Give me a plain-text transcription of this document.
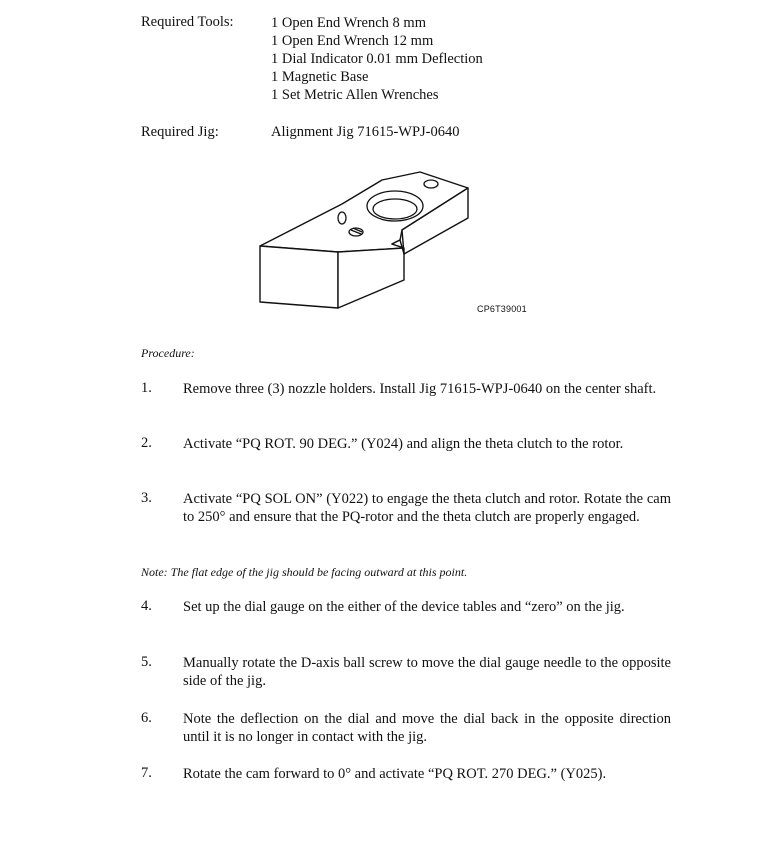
Required Tools:	1 Open End Wrench 8 mm
1 Open End Wrench 12 mm
1 Dial Indicator 0.01 mm Deflection
1 Magnetic Base
1 Set Metric Allen Wrenches
Required Jig:	Alignment Jig 71615-WPJ-0640
CP6T39001
Procedure:
1. Remove three (3) nozzle holders. Install Jig 71615-WPJ-0640 on the center shaft.
2. Activate “PQ ROT. 90 DEG.” (Y024) and align the theta clutch to the rotor.
3. Activate “PQ SOL ON” (Y022) to engage the theta clutch and rotor. Rotate the cam to 250° and ensure that the PQ-rotor and the theta clutch are properly engaged.
Note: The flat edge of the jig should be facing outward at this point.
4. Set up the dial gauge on the either of the device tables and “zero” on the jig.
5. Manually rotate the D-axis ball screw to move the dial gauge needle to the opposite side of the jig.
6. Note the deflection on the dial and move the dial back in the opposite direction until it is no longer in contact with the jig.
7. Rotate the cam forward to 0° and activate “PQ ROT. 270 DEG.” (Y025).
